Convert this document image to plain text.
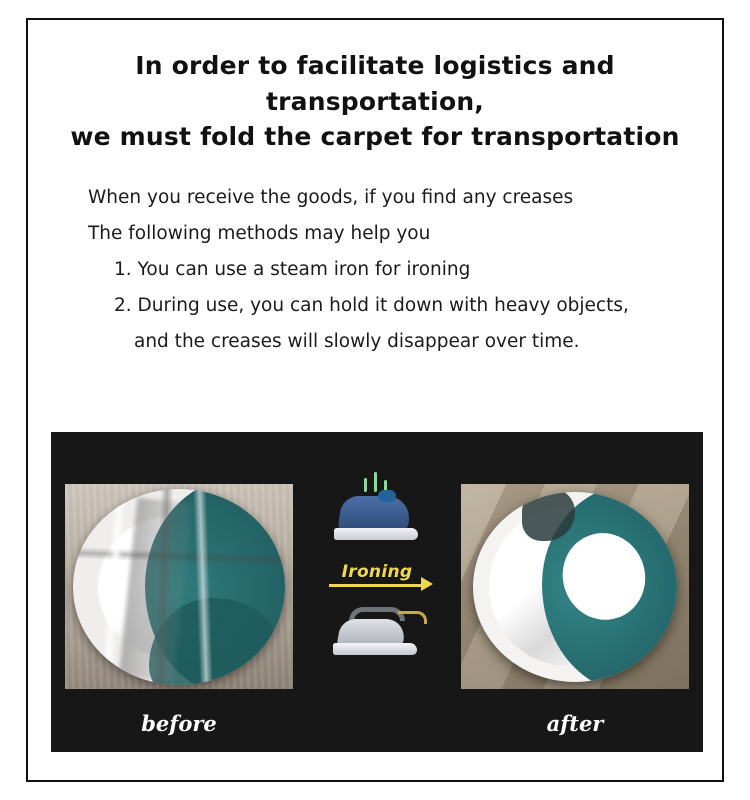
In order to facilitate logistics and transportation,
we must fold the carpet for transportation
When you receive the goods, if you find any creases
The following methods may help you
1. You can use a steam iron for ironing
2. During use, you can hold it down with heavy objects,
and the creases will slowly disappear over time.
Ironing
before	after
